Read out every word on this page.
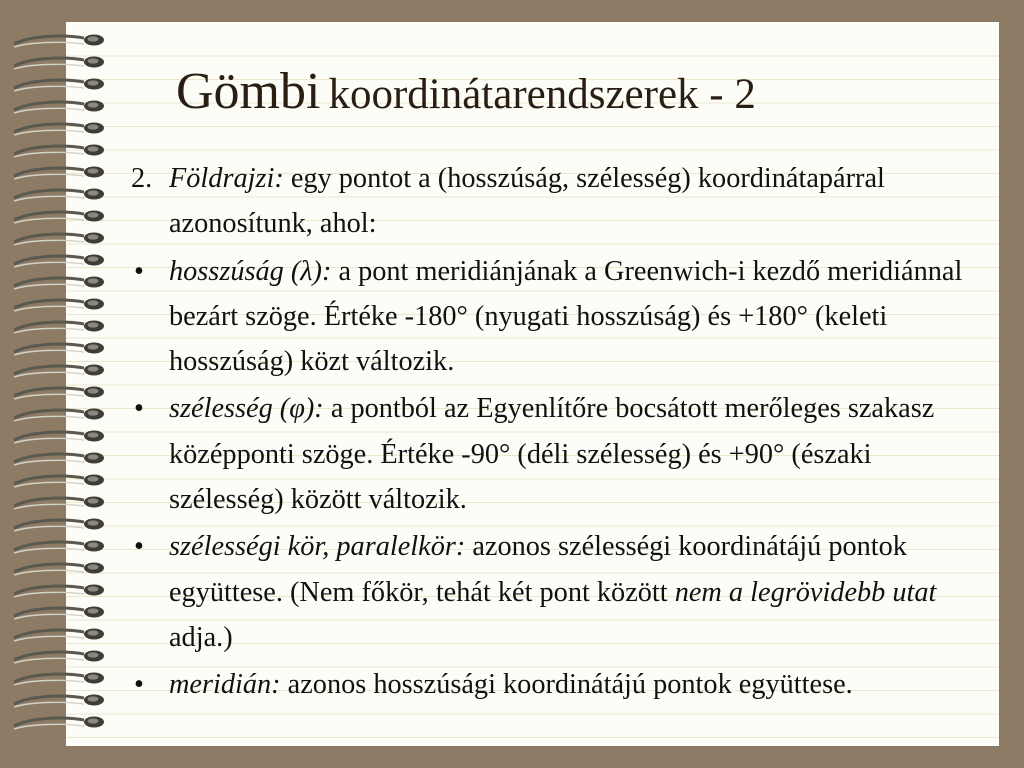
Gömbi koordinátarendszerek - 2
2. Földrajzi: egy pontot a (hosszúság, szélesség) koordinátapárral azonosítunk, ahol:
• hosszúság (λ): a pont meridiánjának a Greenwich-i kezdő meridiánnal bezárt szöge. Értéke -180° (nyugati hosszúság) és +180° (keleti hosszúság) közt változik.
• szélesség (φ): a pontból az Egyenlítőre bocsátott merőleges szakasz középponti szöge. Értéke -90° (déli szélesség) és +90° (északi szélesség) között változik.
• szélességi kör, paralelkör: azonos szélességi koordinátájú pontok együttese. (Nem főkör, tehát két pont között nem a legrövidebb utat adja.)
• meridián: azonos hosszúsági koordinátájú pontok együttese.
